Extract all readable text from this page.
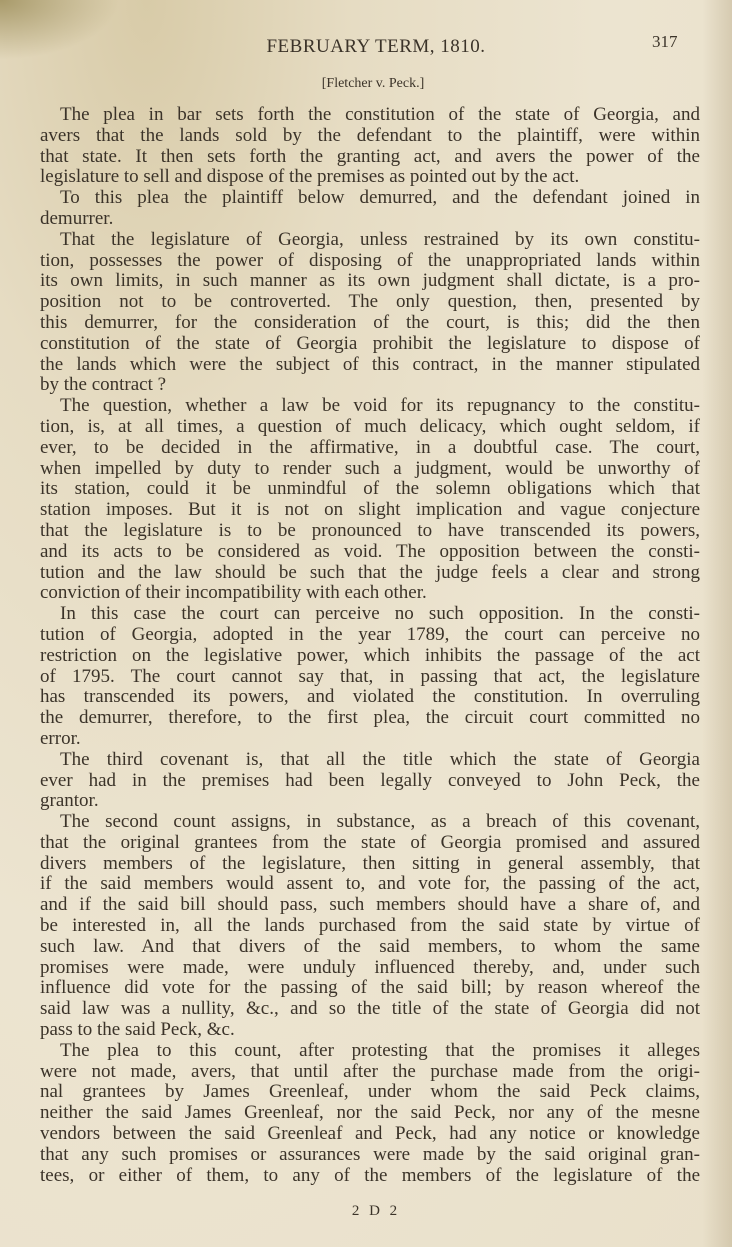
FEBRUARY TERM, 1810.	317
[Fletcher v. Peck.]
The plea in bar sets forth the constitution of the state of Georgia, and
avers that the lands sold by the defendant to the plaintiff, were within
that state. It then sets forth the granting act, and avers the power of the
legislature to sell and dispose of the premises as pointed out by the act.
To this plea the plaintiff below demurred, and the defendant joined in
demurrer.
That the legislature of Georgia, unless restrained by its own constitu-
tion, possesses the power of disposing of the unappropriated lands within
its own limits, in such manner as its own judgment shall dictate, is a pro-
position not to be controverted. The only question, then, presented by
this demurrer, for the consideration of the court, is this; did the then
constitution of the state of Georgia prohibit the legislature to dispose of
the lands which were the subject of this contract, in the manner stipulated
by the contract ?
The question, whether a law be void for its repugnancy to the constitu-
tion, is, at all times, a question of much delicacy, which ought seldom, if
ever, to be decided in the affirmative, in a doubtful case. The court,
when impelled by duty to render such a judgment, would be unworthy of
its station, could it be unmindful of the solemn obligations which that
station imposes. But it is not on slight implication and vague conjecture
that the legislature is to be pronounced to have transcended its powers,
and its acts to be considered as void. The opposition between the consti-
tution and the law should be such that the judge feels a clear and strong
conviction of their incompatibility with each other.
In this case the court can perceive no such opposition. In the consti-
tution of Georgia, adopted in the year 1789, the court can perceive no
restriction on the legislative power, which inhibits the passage of the act
of 1795. The court cannot say that, in passing that act, the legislature
has transcended its powers, and violated the constitution. In overruling
the demurrer, therefore, to the first plea, the circuit court committed no
error.
The third covenant is, that all the title which the state of Georgia
ever had in the premises had been legally conveyed to John Peck, the
grantor.
The second count assigns, in substance, as a breach of this covenant,
that the original grantees from the state of Georgia promised and assured
divers members of the legislature, then sitting in general assembly, that
if the said members would assent to, and vote for, the passing of the act,
and if the said bill should pass, such members should have a share of, and
be interested in, all the lands purchased from the said state by virtue of
such law. And that divers of the said members, to whom the same
promises were made, were unduly influenced thereby, and, under such
influence did vote for the passing of the said bill; by reason whereof the
said law was a nullity, &c., and so the title of the state of Georgia did not
pass to the said Peck, &c.
The plea to this count, after protesting that the promises it alleges
were not made, avers, that until after the purchase made from the origi-
nal grantees by James Greenleaf, under whom the said Peck claims,
neither the said James Greenleaf, nor the said Peck, nor any of the mesne
vendors between the said Greenleaf and Peck, had any notice or knowledge
that any such promises or assurances were made by the said original gran-
tees, or either of them, to any of the members of the legislature of the
2 D 2
